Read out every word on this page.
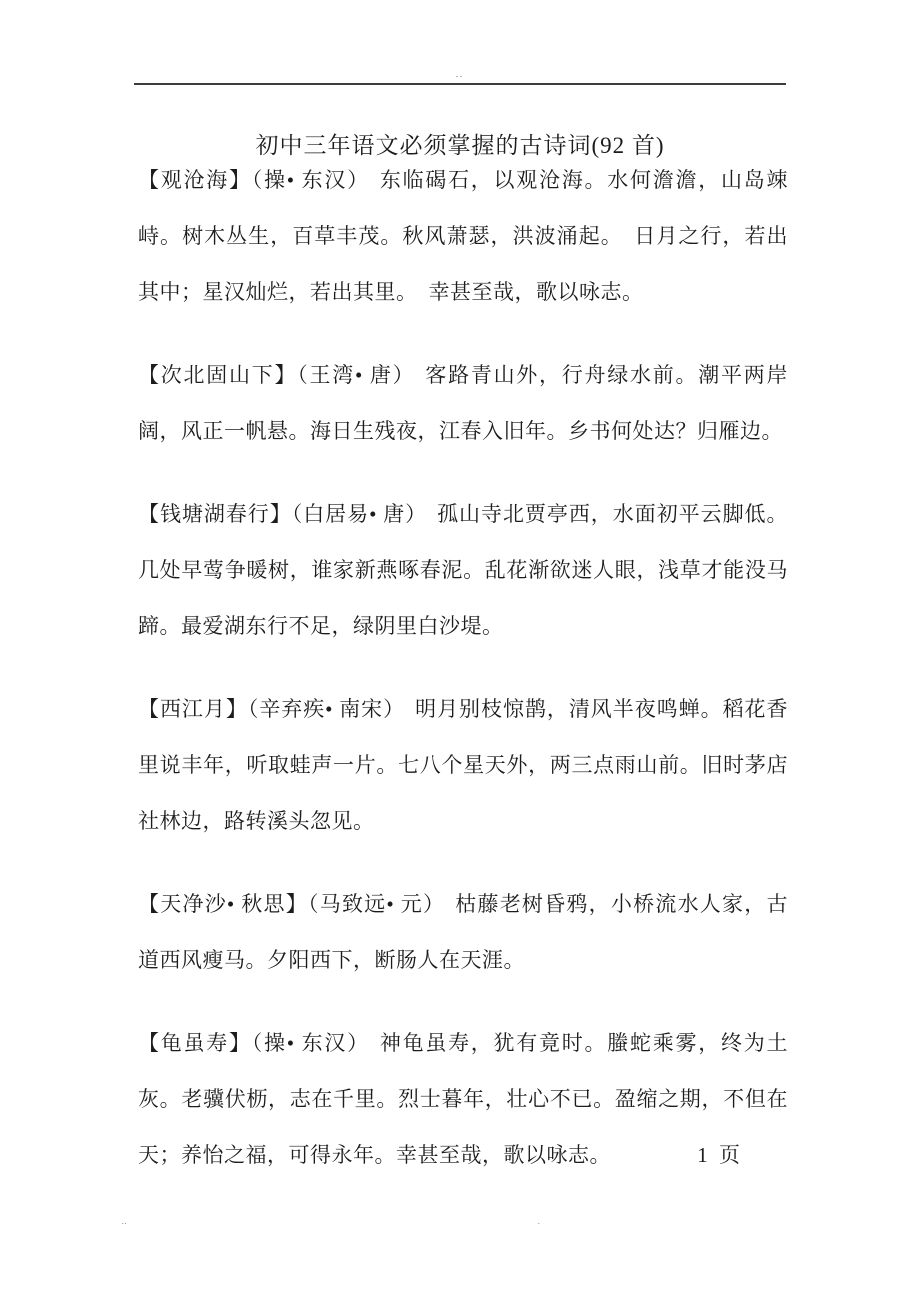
..
初中三年语文必须掌握的古诗词(92 首)

【观沧海】（操• 东汉） 东临碣石，以观沧海。水何澹澹，山岛竦峙。树木丛生，百草丰茂。秋风萧瑟，洪波涌起。　日月之行，若出其中；星汉灿烂，若出其里。　幸甚至哉，歌以咏志。

【次北固山下】（王湾• 唐） 客路青山外，行舟绿水前。潮平两岸阔，风正一帆悬。海日生残夜，江春入旧年。乡书何处达？归雁边。

【钱塘湖春行】（白居易• 唐） 孤山寺北贾亭西，水面初平云脚低。几处早莺争暖树，谁家新燕啄春泥。乱花渐欲迷人眼，浅草才能没马蹄。最爱湖东行不足，绿阴里白沙堤。

【西江月】（辛弃疾• 南宋） 明月别枝惊鹊，清风半夜鸣蝉。稻花香里说丰年，听取蛙声一片。七八个星天外，两三点雨山前。旧时茅店社林边，路转溪头忽见。

【天净沙• 秋思】（马致远• 元） 枯藤老树昏鸦，小桥流水人家，古道西风瘦马。夕阳西下，断肠人在天涯。

【龟虽寿】（操• 东汉） 神龟虽寿，犹有竟时。螣蛇乘雾，终为土灰。老骥伏枥，志在千里。烈士暮年，壮心不已。盈缩之期，不但在天；养怡之福，可得永年。幸甚至哉，歌以咏志。	1 页

..	.
